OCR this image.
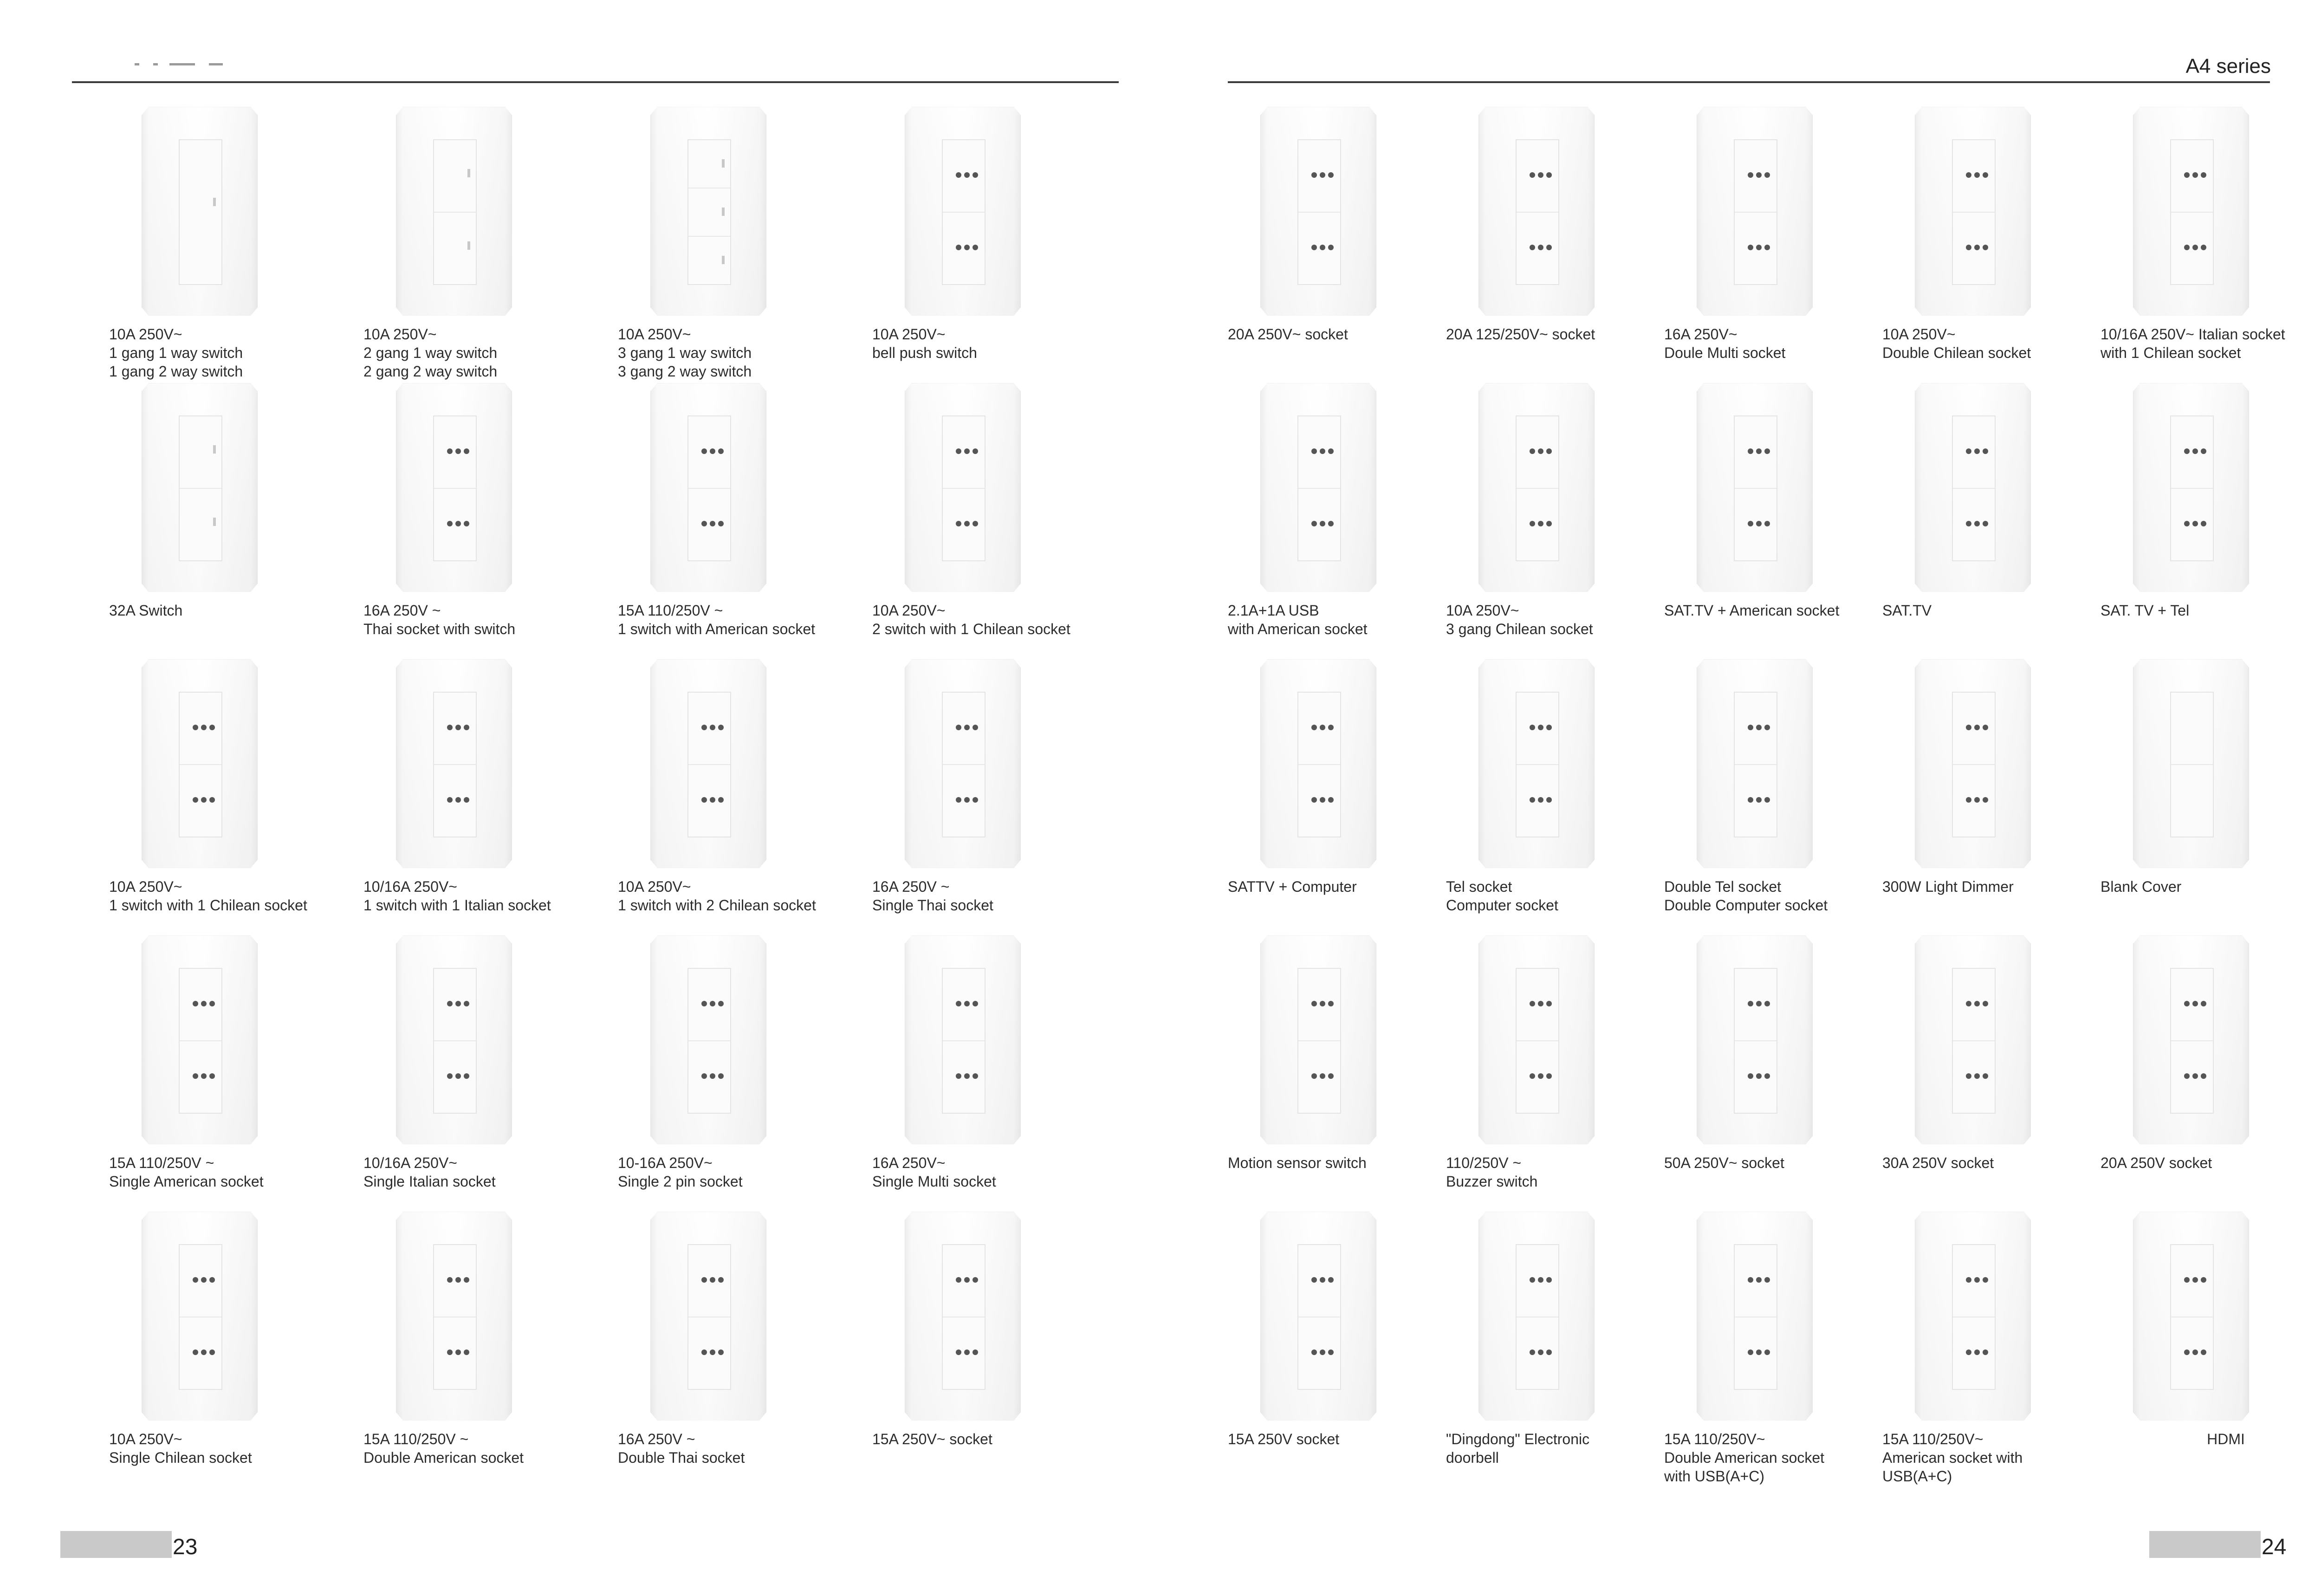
A4 series
23	24
10A 250V~
1 gang 1 way switch
1 gang 2 way switch
10A 250V~
2 gang 1 way switch
2 gang 2 way switch
10A 250V~
3 gang 1 way switch
3 gang 2 way switch
10A 250V~
bell push switch
32A Switch	16A 250V ~
Thai socket with switch
15A 110/250V ~
1 switch with American socket
10A 250V~
2 switch with 1 Chilean socket
10A 250V~
1 switch with 1 Chilean socket
10/16A 250V~
1 switch with 1 Italian socket
10A 250V~
1 switch with 2 Chilean socket
16A 250V ~
Single Thai socket
15A 110/250V ~
Single American socket
10/16A 250V~
Single Italian socket
10-16A 250V~
Single 2 pin socket
16A 250V~
Single Multi socket
10A 250V~
Single Chilean socket
15A 110/250V ~
Double American socket
16A 250V ~
Double Thai socket
15A 250V~ socket
20A 250V~ socket	20A 125/250V~ socket	16A 250V~
Doule Multi socket
10A 250V~
Double Chilean socket
10/16A 250V~ Italian socket
with 1 Chilean socket
2.1A+1A USB
with American socket
10A 250V~
3 gang Chilean socket
SAT.TV + American socket	SAT.TV	SAT. TV + Tel
SATTV + Computer	Tel socket
Computer socket
Double Tel socket
Double Computer socket
300W Light Dimmer	Blank Cover
Motion sensor switch	110/250V ~
Buzzer switch
50A 250V~ socket	30A 250V socket	20A 250V socket
15A 250V socket	"Dingdong" Electronic
doorbell
15A 110/250V~
Double American socket
with USB(A+C)
15A 110/250V~
American socket with
USB(A+C)
HDMI
